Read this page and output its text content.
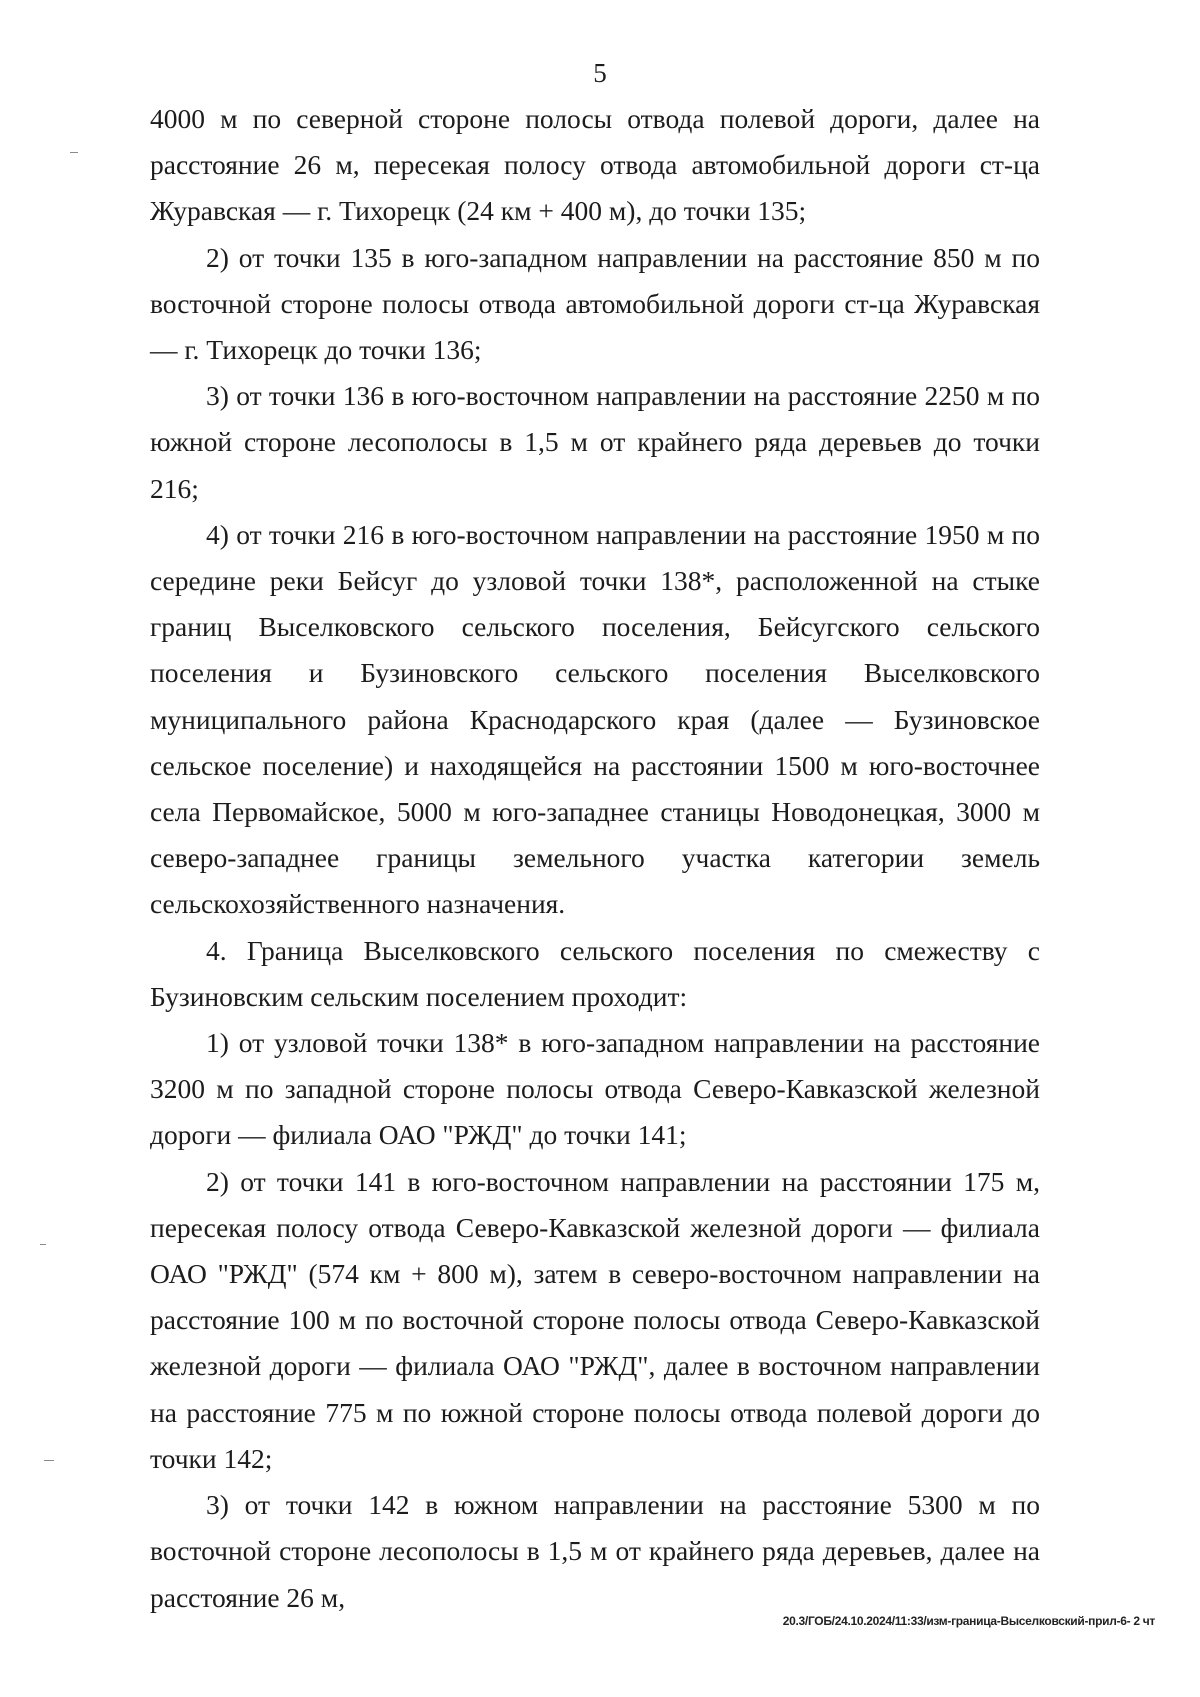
5

4000 м по северной стороне полосы отвода полевой дороги, далее на расстояние 26 м, пересекая полосу отвода автомобильной дороги ст-ца Журавская — г. Тихорецк (24 км + 400 м), до точки 135;

2) от точки 135 в юго-западном направлении на расстояние 850 м по восточной стороне полосы отвода автомобильной дороги ст-ца Журавская — г. Тихорецк до точки 136;

3) от точки 136 в юго-восточном направлении на расстояние 2250 м по южной стороне лесополосы в 1,5 м от крайнего ряда деревьев до точки 216;

4) от точки 216 в юго-восточном направлении на расстояние 1950 м по середине реки Бейсуг до узловой точки 138*, расположенной на стыке границ Выселковского сельского поселения, Бейсугского сельского поселения и Бузиновского сельского поселения Выселковского муниципального района Краснодарского края (далее — Бузиновское сельское поселение) и находящейся на расстоянии 1500 м юго-восточнее села Первомайское, 5000 м юго-западнее станицы Новодонецкая, 3000 м северо-западнее границы земельного участка категории земель сельскохозяйственного назначения.

4. Граница Выселковского сельского поселения по смежеству с Бузиновским сельским поселением проходит:

1) от узловой точки 138* в юго-западном направлении на расстояние 3200 м по западной стороне полосы отвода Северо-Кавказской железной дороги — филиала ОАО "РЖД" до точки 141;

2) от точки 141 в юго-восточном направлении на расстоянии 175 м, пересекая полосу отвода Северо-Кавказской железной дороги — филиала ОАО "РЖД" (574 км + 800 м), затем в северо-восточном направлении на расстояние 100 м по восточной стороне полосы отвода Северо-Кавказской железной дороги — филиала ОАО "РЖД", далее в восточном направлении на расстояние 775 м по южной стороне полосы отвода полевой дороги до точки 142;

3) от точки 142 в южном направлении на расстояние 5300 м по восточной стороне лесополосы в 1,5 м от крайнего ряда деревьев, далее на расстояние 26 м,

20.3/ГОБ/24.10.2024/11:33/изм-граница-Выселковский-прил-6- 2 чт
